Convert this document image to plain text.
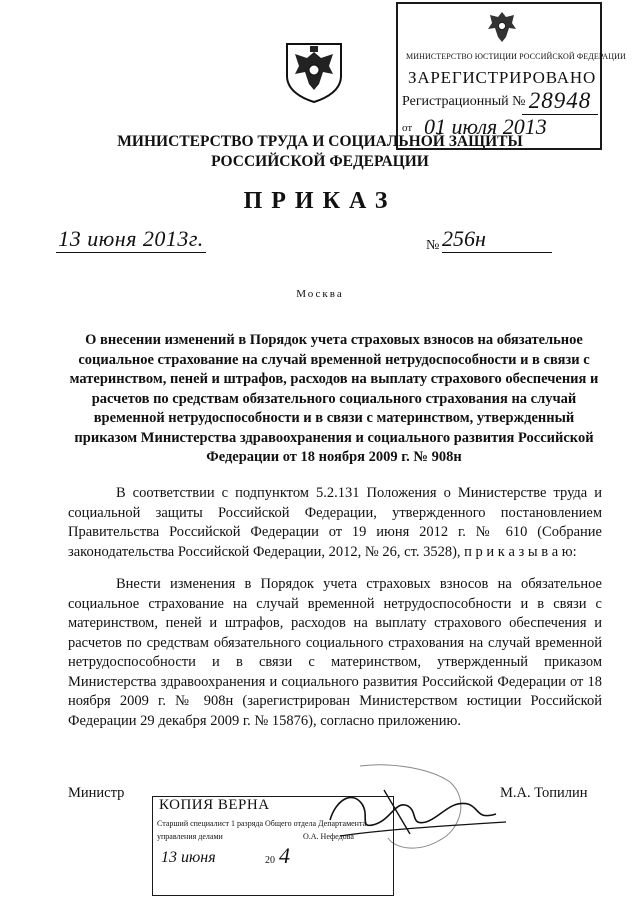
МИНИСТЕРСТВО ЮСТИЦИИ РОССИЙСКОЙ ФЕДЕРАЦИИ
ЗАРЕГИСТРИРОВАНО
Регистрационный № 28948
от 01 июля 2013
МИНИСТЕРСТВО ТРУДА И СОЦИАЛЬНОЙ ЗАЩИТЫ
РОССИЙСКОЙ ФЕДЕРАЦИИ
ПРИКАЗ
13 июня 2013г.	№ 256н
Москва
О внесении изменений в Порядок учета страховых взносов на обязательное социальное страхование на случай временной нетрудоспособности и в связи с материнством, пеней и штрафов, расходов на выплату страхового обеспечения и расчетов по средствам обязательного социального страхования на случай временной нетрудоспособности и в связи с материнством, утвержденный приказом Министерства здравоохранения и социального развития Российской Федерации от 18 ноября 2009 г. № 908н
В соответствии с подпунктом 5.2.131 Положения о Министерстве труда и социальной защиты Российской Федерации, утвержденного постановлением Правительства Российской Федерации от 19 июня 2012 г. № 610 (Собрание законодательства Российской Федерации, 2012, № 26, ст. 3528), п р и к а з ы в а ю:
Внести изменения в Порядок учета страховых взносов на обязательное социальное страхование на случай временной нетрудоспособности и в связи с материнством, пеней и штрафов, расходов на выплату страхового обеспечения и расчетов по средствам обязательного социального страхования на случай временной нетрудоспособности и в связи с материнством, утвержденный приказом Министерства здравоохранения и социального развития Российской Федерации от 18 ноября 2009 г. № 908н (зарегистрирован Министерством юстиции Российской Федерации 29 декабря 2009 г. № 15876), согласно приложению.
Министр	М.А. Топилин
КОПИЯ ВЕРНА
Старший специалист 1 разряда Общего отдела Департамента
управления делами	О.А. Нефедова
13 июня	20 4
